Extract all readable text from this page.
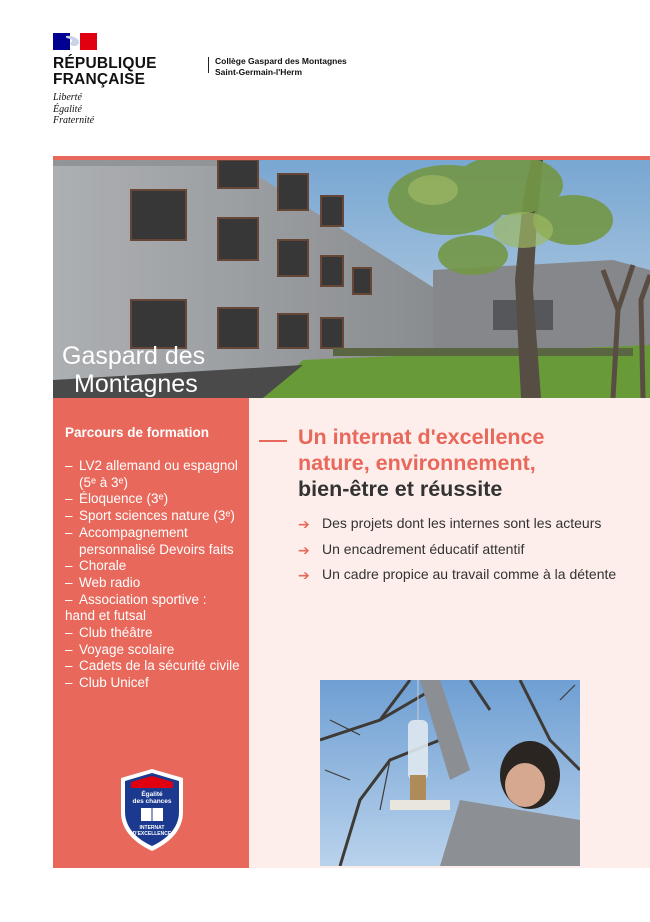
RÉPUBLIQUE
FRANÇAISE
Liberté
Égalité
Fraternité
Collège Gaspard des Montagnes
Saint-Germain-l'Herm
Gaspard des
Montagnes
Parcours de formation
– LV2 allemand ou espagnol (5ᵉ à 3ᵉ)
– Éloquence (3ᵉ)
– Sport sciences nature (3ᵉ)
– Accompagnement personnalisé Devoirs faits
– Chorale
– Web radio
– Association sportive :
hand et futsal
– Club théâtre
– Voyage scolaire
– Cadets de la sécurité civile
– Club Unicef
Égalité
des chances
INTERNAT
D'EXCELLENCE
Un internat d'excellence
nature, environnement,
bien-être et réussite
➔ Des projets dont les internes sont les acteurs
➔ Un encadrement éducatif attentif
➔ Un cadre propice au travail comme à la détente
